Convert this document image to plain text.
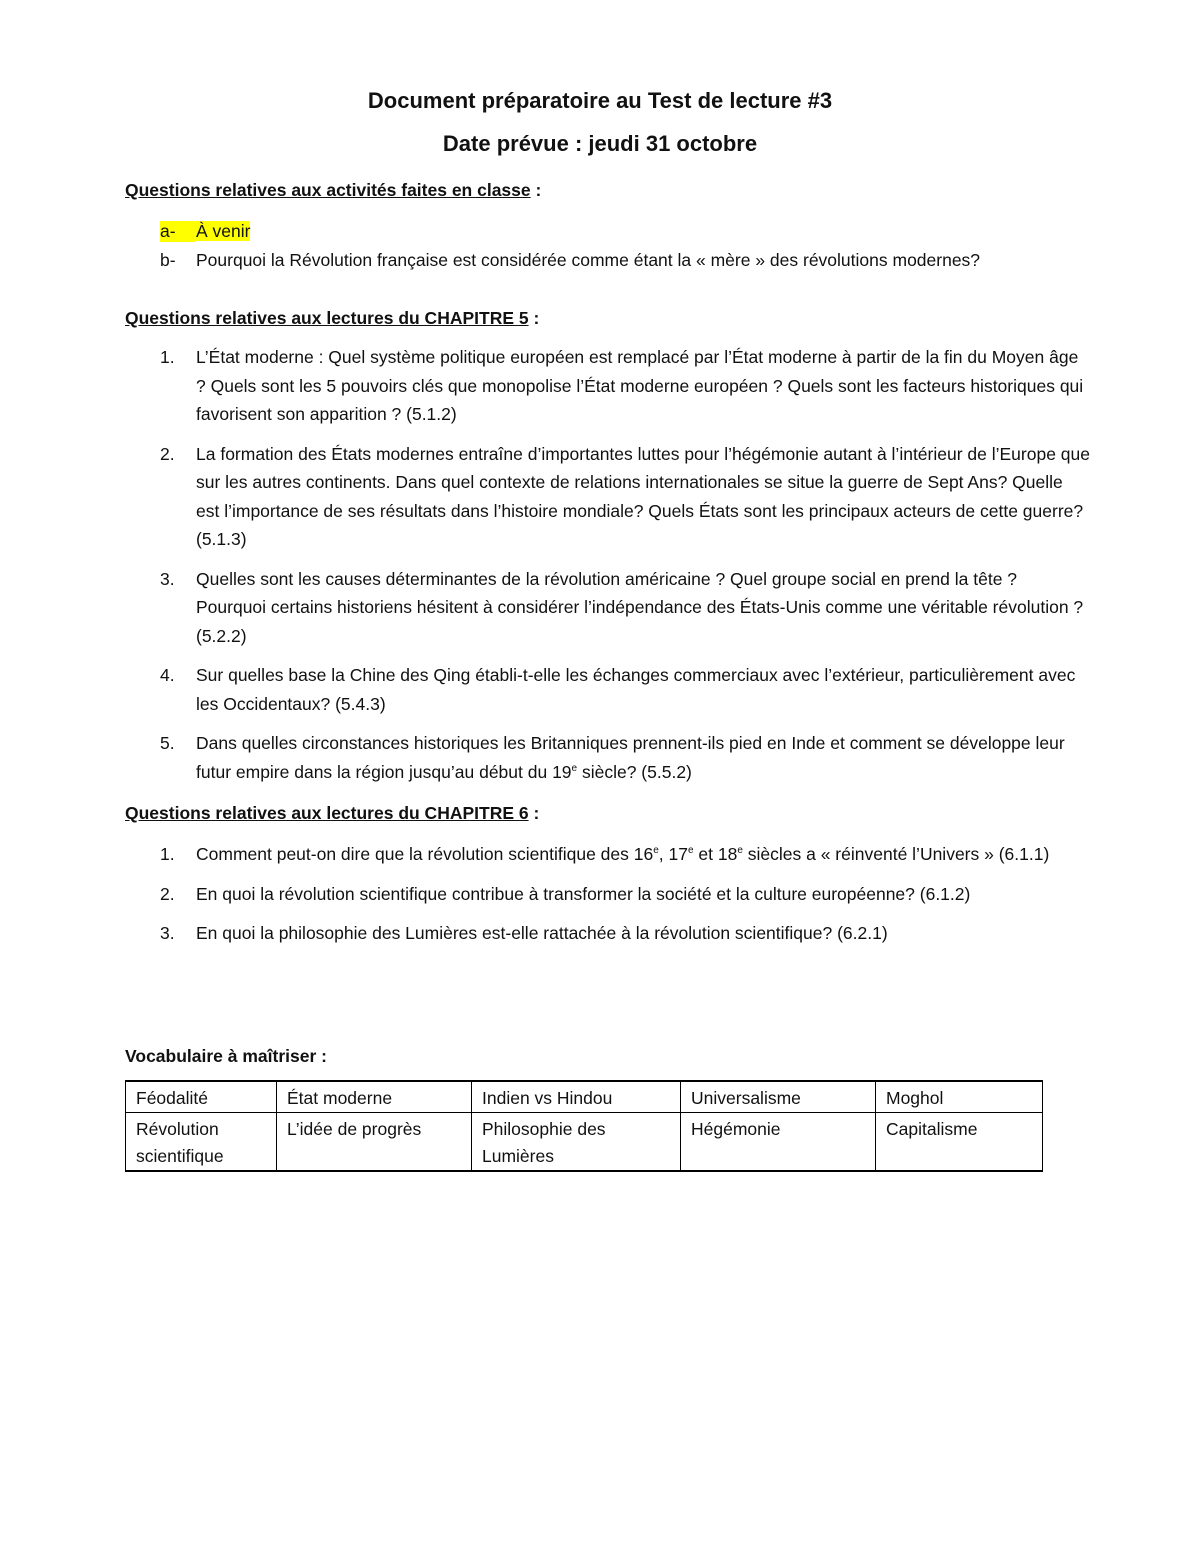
Document préparatoire au Test de lecture #3
Date prévue : jeudi 31 octobre
Questions relatives aux activités faites en classe :
a- À venir
b- Pourquoi la Révolution française est considérée comme étant la « mère » des révolutions modernes?
Questions relatives aux lectures du CHAPITRE 5 :
1. L’État moderne : Quel système politique européen est remplacé par l’État moderne à partir de la fin du Moyen âge ? Quels sont les 5 pouvoirs clés que monopolise l’État moderne européen ? Quels sont les facteurs historiques qui favorisent son apparition ? (5.1.2)
2. La formation des États modernes entraîne d’importantes luttes pour l’hégémonie autant à l’intérieur de l’Europe que sur les autres continents. Dans quel contexte de relations internationales se situe la guerre de Sept Ans? Quelle est l’importance de ses résultats dans l’histoire mondiale? Quels États sont les principaux acteurs de cette guerre? (5.1.3)
3. Quelles sont les causes déterminantes de la révolution américaine ? Quel groupe social en prend la tête ? Pourquoi certains historiens hésitent à considérer l’indépendance des États-Unis comme une véritable révolution ? (5.2.2)
4. Sur quelles base la Chine des Qing établi-t-elle les échanges commerciaux avec l’extérieur, particulièrement avec les Occidentaux? (5.4.3)
5. Dans quelles circonstances historiques les Britanniques prennent-ils pied en Inde et comment se développe leur futur empire dans la région jusqu’au début du 19e siècle? (5.5.2)
Questions relatives aux lectures du CHAPITRE 6 :
1. Comment peut-on dire que la révolution scientifique des 16e, 17e et 18e siècles a « réinventé l’Univers » (6.1.1)
2. En quoi la révolution scientifique contribue à transformer la société et la culture européenne? (6.1.2)
3. En quoi la philosophie des Lumières est-elle rattachée à la révolution scientifique? (6.2.1)
Vocabulaire à maîtriser :
Féodalité	État moderne	Indien vs Hindou	Universalisme	Moghol
Révolution scientifique	L’idée de progrès	Philosophie des Lumières	Hégémonie	Capitalisme
